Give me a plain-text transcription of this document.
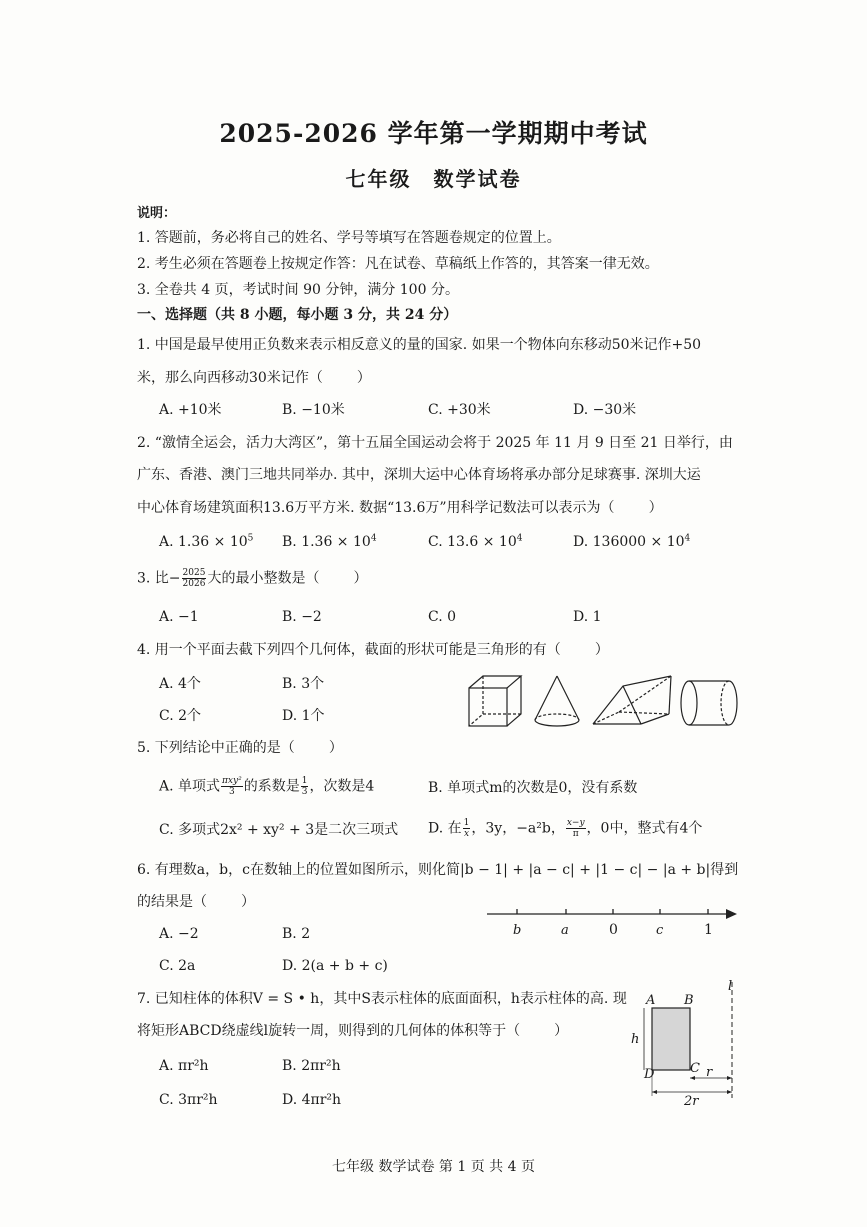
2025-2026 学年第一学期期中考试
七年级 数学试卷
说明：
1. 答题前，务必将自己的姓名、学号等填写在答题卷规定的位置上。
2. 考生必须在答题卷上按规定作答：凡在试卷、草稿纸上作答的，其答案一律无效。
3. 全卷共 4 页，考试时间 90 分钟，满分 100 分。
一、选择题（共 8 小题，每小题 3 分，共 24 分）
1. 中国是最早使用正负数来表示相反意义的量的国家. 如果一个物体向东移动50米记作+50
米，那么向西移动30米记作（ ）
A. +10米	B. −10米	C. +30米	D. −30米
2. “激情全运会，活力大湾区”，第十五届全国运动会将于 2025 年 11 月 9 日至 21 日举行，由
广东、香港、澳门三地共同举办. 其中，深圳大运中心体育场将承办部分足球赛事. 深圳大运
中心体育场建筑面积13.6万平方米. 数据“13.6万”用科学记数法可以表示为（ ）
A. $1.36 \times 10^5$ B. $1.36 \times 10^4$	C. $13.6 \times 10^4$	D. $136000 \times 10^4$
3. 比− $\frac{2025}{2026}$ 大的最小整数是（ ）
A. −1	B. −2	C. 0	D. 1
4. 用一个平面去截下列四个几何体，截面的形状可能是三角形的有（ ）
A. 4个	B. 3个
C. 2个	D. 1个
5. 下列结论中正确的是（ ）
A. 单项式 $\frac{\text{πxy²}}{3}$ 的系数是 $\frac{1}{3}$ ，次数是4	B. 单项式m的次数是0，没有系数
C. 多项式2x² + xy² + 3是二次三项式 D. 在 $\frac{1}{x}$ ，3y，−a²b， $\frac{x-y}{\pi}$ ，0中，整式有4个
6. 有理数a，b，c在数轴上的位置如图所示，则化简|b − 1| + |a − c| + |1 − c| − |a + b|得到
的结果是（ ）
A. −2	B. 2
C. 2a	D. 2(a + b + c)
b	a	0	c	1
7. 已知柱体的体积V = S • h，其中S表示柱体的底面面积，h表示柱体的高. 现
将矩形ABCD绕虚线l旋转一周，则得到的几何体的体积等于（ ）
A. πr²h	B. 2πr²h
C. 3πr²h	D. 4πr²h
l
A B
C
D
h
r
2r
七年级 数学试卷 第 1 页 共 4 页
